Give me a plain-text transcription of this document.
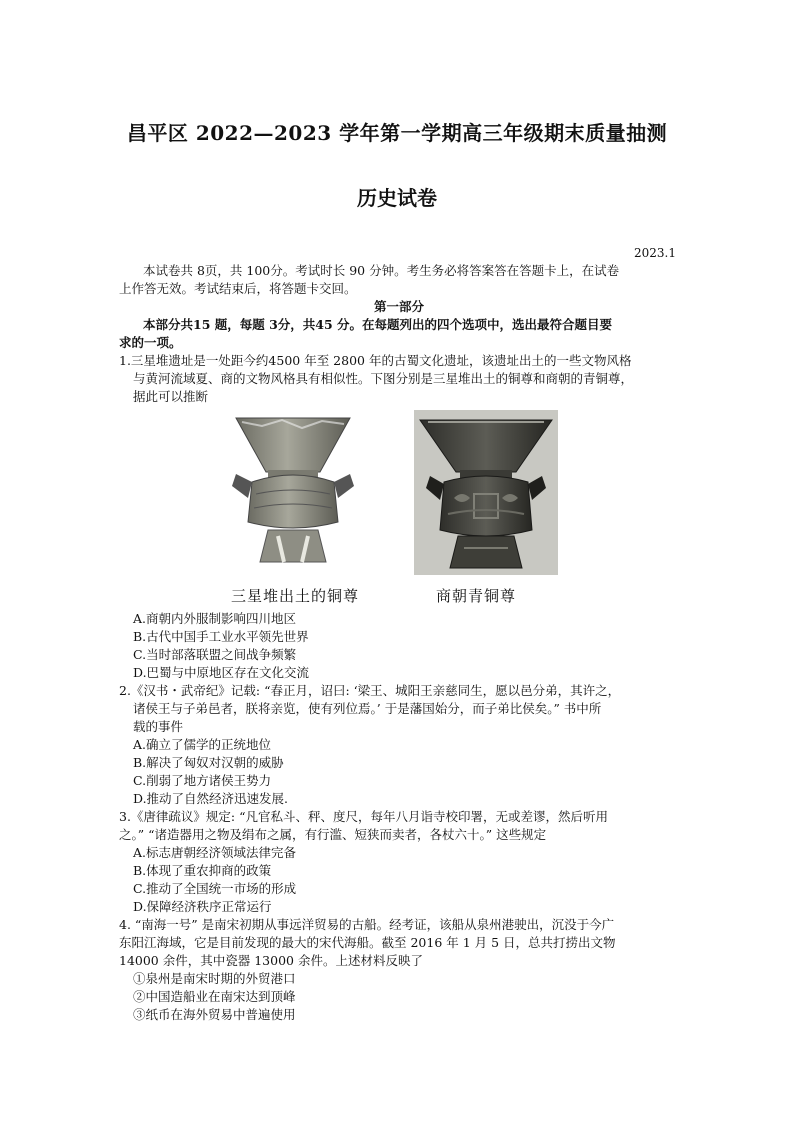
昌平区 2022—2023 学年第一学期高三年级期末质量抽测
历史试卷
2023.1
本试卷共 8页，共 100分。考试时长 90 分钟。考生务必将答案答在答题卡上，在试卷
上作答无效。考试结束后，将答题卡交回。
第一部分
本部分共15 题，每题 3分，共45 分。在每题列出的四个选项中，选出最符合题目要
求的一项。
1.三星堆遗址是一处距今约4500 年至 2800 年的古蜀文化遗址，该遗址出土的一些文物风格
与黄河流域夏、商的文物风格具有相似性。下图分别是三星堆出土的铜尊和商朝的青铜尊，
据此可以推断
三星堆出土的铜尊	商朝青铜尊
A.商朝内外服制影响四川地区
B.古代中国手工业水平领先世界
C.当时部落联盟之间战争频繁
D.巴蜀与中原地区存在文化交流
2.《汉书・武帝纪》记载: “春正月，诏曰: ‘梁王、城阳王亲慈同生，愿以邑分弟，其许之，
诸侯王与子弟邑者，朕将亲览，使有列位焉。’ 于是藩国始分，而子弟比侯矣。” 书中所
载的事件
A.确立了儒学的正统地位
B.解决了匈奴对汉朝的威胁
C.削弱了地方诸侯王势力
D.推动了自然经济迅速发展.
3.《唐律疏议》规定: “凡官私斗、秤、度尺，每年八月诣寺校印署，无或差谬，然后听用
之。” “诸造器用之物及绢布之属，有行滥、短狭而卖者，各杖六十。” 这些规定
A.标志唐朝经济领域法律完备
B.体现了重农抑商的政策
C.推动了全国统一市场的形成
D.保障经济秩序正常运行
4. “南海一号” 是南宋初期从事远洋贸易的古船。经考证，该船从泉州港驶出，沉没于今广
东阳江海域，它是目前发现的最大的宋代海船。截至 2016 年 1 月 5 日，总共打捞出文物
14000 余件，其中瓷器 13000 余件。上述材料反映了
①泉州是南宋时期的外贸港口
②中国造船业在南宋达到顶峰
③纸币在海外贸易中普遍使用
